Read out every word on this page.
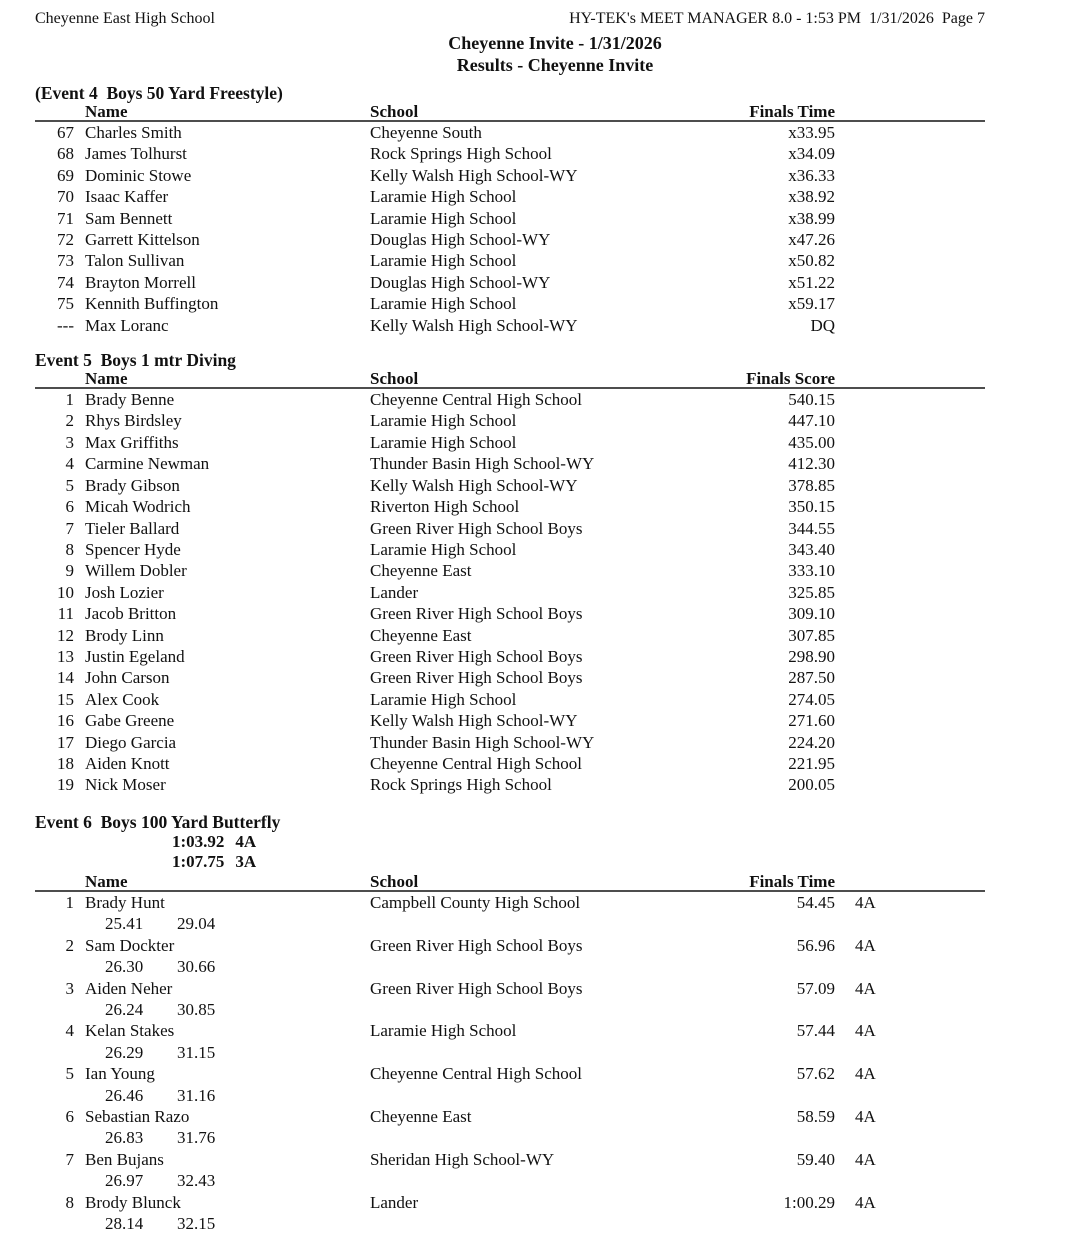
Cheyenne East High School	HY-TEK's MEET MANAGER 8.0 - 1:53 PM  1/31/2026  Page 7
Cheyenne Invite - 1/31/2026
Results - Cheyenne Invite
(Event 4  Boys 50 Yard Freestyle)
Name	School	Finals Time
67 Charles Smith	Cheyenne South	x33.95
68 James Tolhurst	Rock Springs High School	x34.09
69 Dominic Stowe	Kelly Walsh High School-WY	x36.33
70 Isaac Kaffer	Laramie High School	x38.92
71 Sam Bennett	Laramie High School	x38.99
72 Garrett Kittelson	Douglas High School-WY	x47.26
73 Talon Sullivan	Laramie High School	x50.82
74 Brayton Morrell	Douglas High School-WY	x51.22
75 Kennith Buffington	Laramie High School	x59.17
--- Max Loranc	Kelly Walsh High School-WY	DQ
Event 5  Boys 1 mtr Diving
Name	School	Finals Score
1 Brady Benne	Cheyenne Central High School	540.15
2 Rhys Birdsley	Laramie High School	447.10
3 Max Griffiths	Laramie High School	435.00
4 Carmine Newman	Thunder Basin High School-WY	412.30
5 Brady Gibson	Kelly Walsh High School-WY	378.85
6 Micah Wodrich	Riverton High School	350.15
7 Tieler Ballard	Green River High School Boys	344.55
8 Spencer Hyde	Laramie High School	343.40
9 Willem Dobler	Cheyenne East	333.10
10 Josh Lozier	Lander	325.85
11 Jacob Britton	Green River High School Boys	309.10
12 Brody Linn	Cheyenne East	307.85
13 Justin Egeland	Green River High School Boys	298.90
14 John Carson	Green River High School Boys	287.50
15 Alex Cook	Laramie High School	274.05
16 Gabe Greene	Kelly Walsh High School-WY	271.60
17 Diego Garcia	Thunder Basin High School-WY	224.20
18 Aiden Knott	Cheyenne Central High School	221.95
19 Nick Moser	Rock Springs High School	200.05
Event 6  Boys 100 Yard Butterfly
1:03.92 4A
1:07.75 3A
Name	School	Finals Time
1 Brady Hunt	Campbell County High School	54.45 4A
25.41 29.04
2 Sam Dockter	Green River High School Boys	56.96 4A
26.30 30.66
3 Aiden Neher	Green River High School Boys	57.09 4A
26.24 30.85
4 Kelan Stakes	Laramie High School	57.44 4A
26.29 31.15
5 Ian Young	Cheyenne Central High School	57.62 4A
26.46 31.16
6 Sebastian Razo	Cheyenne East	58.59 4A
26.83 31.76
7 Ben Bujans	Sheridan High School-WY	59.40 4A
26.97 32.43
8 Brody Blunck	Lander	1:00.29 4A
28.14 32.15
